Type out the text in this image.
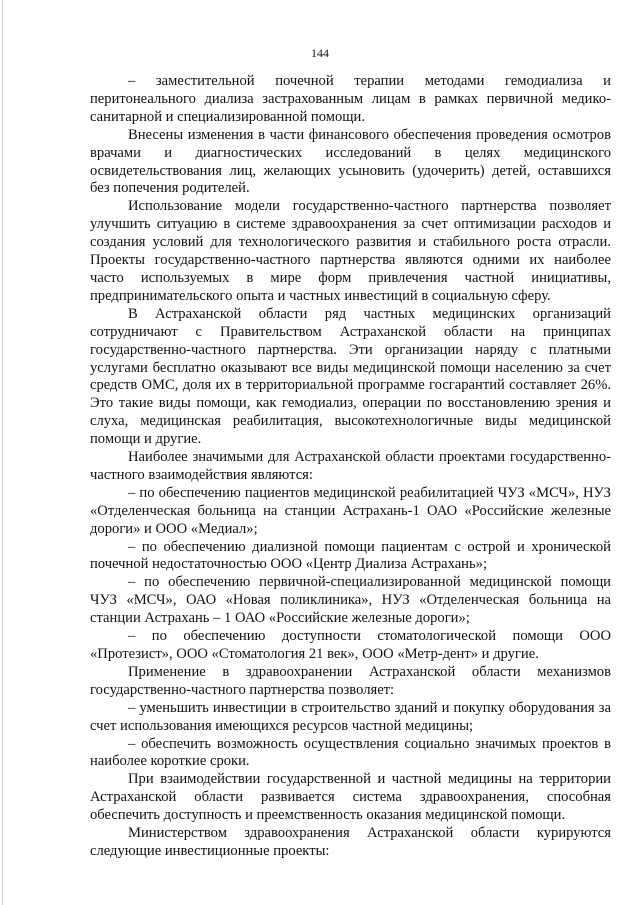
144

– заместительной почечной терапии методами гемодиализа и перитонеального диализа застрахованным лицам в рамках первичной медико-санитарной и специализированной помощи.

Внесены изменения в части финансового обеспечения проведения осмотров врачами и диагностических исследований в целях медицинского освидетельствования лиц, желающих усыновить (удочерить) детей, оставшихся без попечения родителей.

Использование модели государственно-частного партнерства позволяет улучшить ситуацию в системе здравоохранения за счет оптимизации расходов и создания условий для технологического развития и стабильного роста отрасли. Проекты государственно-частного партнерства являются одними их наиболее часто используемых в мире форм привлечения частной инициативы, предпринимательского опыта и частных инвестиций в социальную сферу.

В Астраханской области ряд частных медицинских организаций сотрудничают с Правительством Астраханской области на принципах государственно-частного партнерства. Эти организации наряду с платными услугами бесплатно оказывают все виды медицинской помощи населению за счет средств ОМС, доля их в территориальной программе госгарантий составляет 26%. Это такие виды помощи, как гемодиализ, операции по восстановлению зрения и слуха, медицинская реабилитация, высокотехнологичные виды медицинской помощи и другие.

Наиболее значимыми для Астраханской области проектами государственно-частного взаимодействия являются:

– по обеспечению пациентов медицинской реабилитацией ЧУЗ «МСЧ», НУЗ «Отделенческая больница на станции Астрахань-1 ОАО «Российские железные дороги» и ООО «Медиал»;

– по обеспечению диализной помощи пациентам с острой и хронической почечной недостаточностью ООО «Центр Диализа Астрахань»;

– по обеспечению первичной-специализированной медицинской помощи ЧУЗ «МСЧ», ОАО «Новая поликлиника», НУЗ «Отделенческая больница на станции Астрахань – 1 ОАО «Российские железные дороги»;

– по обеспечению доступности стоматологической помощи ООО «Протезист», ООО «Стоматология 21 век», ООО «Метр-дент» и другие.

Применение в здравоохранении Астраханской области механизмов государственно-частного партнерства позволяет:

– уменьшить инвестиции в строительство зданий и покупку оборудования за счет использования имеющихся ресурсов частной медицины;

– обеспечить возможность осуществления социально значимых проектов в наиболее короткие сроки.

При взаимодействии государственной и частной медицины на территории Астраханской области развивается система здравоохранения, способная обеспечить доступность и преемственность оказания медицинской помощи.

Министерством здравоохранения Астраханской области курируются следующие инвестиционные проекты:
